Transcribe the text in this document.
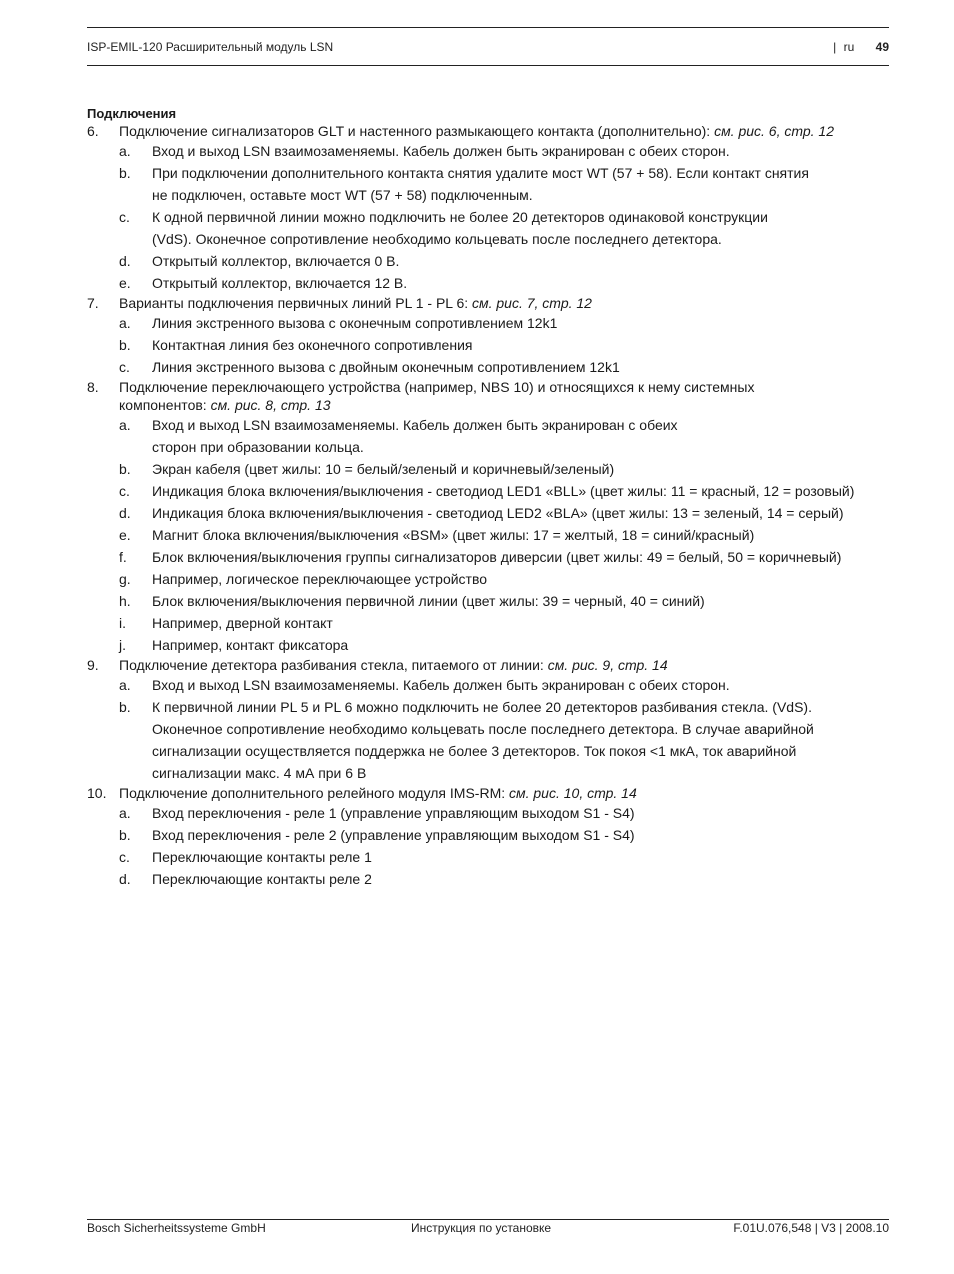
ISP-EMIL-120 Расширительный модуль LSN	| ru 49

Подключения

6.	Подключение сигнализаторов GLT и настенного размыкающего контакта (дополнительно): см. рис. 6, стр. 12
a.	Вход и выход LSN взаимозаменяемы. Кабель должен быть экранирован с обеих сторон.
b.	При подключении дополнительного контакта снятия удалите мост WT (57 + 58). Если контакт снятия
не подключен, оставьте мост WT (57 + 58) подключенным.
c.	К одной первичной линии можно подключить не более 20 детекторов одинаковой конструкции
(VdS). Оконечное сопротивление необходимо кольцевать после последнего детектора.
d.	Открытый коллектор, включается 0 В.
e.	Открытый коллектор, включается 12 В.
7.	Варианты подключения первичных линий PL 1 - PL 6: см. рис. 7, стр. 12
a.	Линия экстренного вызова с оконечным сопротивлением 12k1
b.	Контактная линия без оконечного сопротивления
c.	Линия экстренного вызова с двойным оконечным сопротивлением 12k1
8.	Подключение переключающего устройства (например, NBS 10) и относящихся к нему системных
компонентов: см. рис. 8, стр. 13
a.	Вход и выход LSN взаимозаменяемы. Кабель должен быть экранирован с обеих
сторон при образовании кольца.
b.	Экран кабеля (цвет жилы: 10 = белый/зеленый и коричневый/зеленый)
c.	Индикация блока включения/выключения - светодиод LED1 «BLL» (цвет жилы: 11 = красный, 12 = розовый)
d.	Индикация блока включения/выключения - светодиод LED2 «BLA» (цвет жилы: 13 = зеленый, 14 = серый)
e.	Магнит блока включения/выключения «BSM» (цвет жилы: 17 = желтый, 18 = синий/красный)
f.	Блок включения/выключения группы сигнализаторов диверсии (цвет жилы: 49 = белый, 50 = коричневый)
g.	Например, логическое переключающее устройство
h.	Блок включения/выключения первичной линии (цвет жилы: 39 = черный, 40 = синий)
i.	Например, дверной контакт
j.	Например, контакт фиксатора
9.	Подключение детектора разбивания стекла, питаемого от линии: см. рис. 9, стр. 14
a.	Вход и выход LSN взаимозаменяемы. Кабель должен быть экранирован с обеих сторон.
b.	К первичной линии PL 5 и PL 6 можно подключить не более 20 детекторов разбивания стекла. (VdS).
Оконечное сопротивление необходимо кольцевать после последнего детектора. В случае аварийной
сигнализации осуществляется поддержка не более 3 детекторов. Ток покоя <1 мкА, ток аварийной
сигнализации макс. 4 мА при 6 В
10. Подключение дополнительного релейного модуля IMS-RM: см. рис. 10, стр. 14
a.	Вход переключения - реле 1 (управление управляющим выходом S1 - S4)
b.	Вход переключения - реле 2 (управление управляющим выходом S1 - S4)
c.	Переключающие контакты реле 1
d.	Переключающие контакты реле 2
Bosch Sicherheitssysteme GmbH	Инструкция по установке	F.01U.076,548 | V3 | 2008.10
